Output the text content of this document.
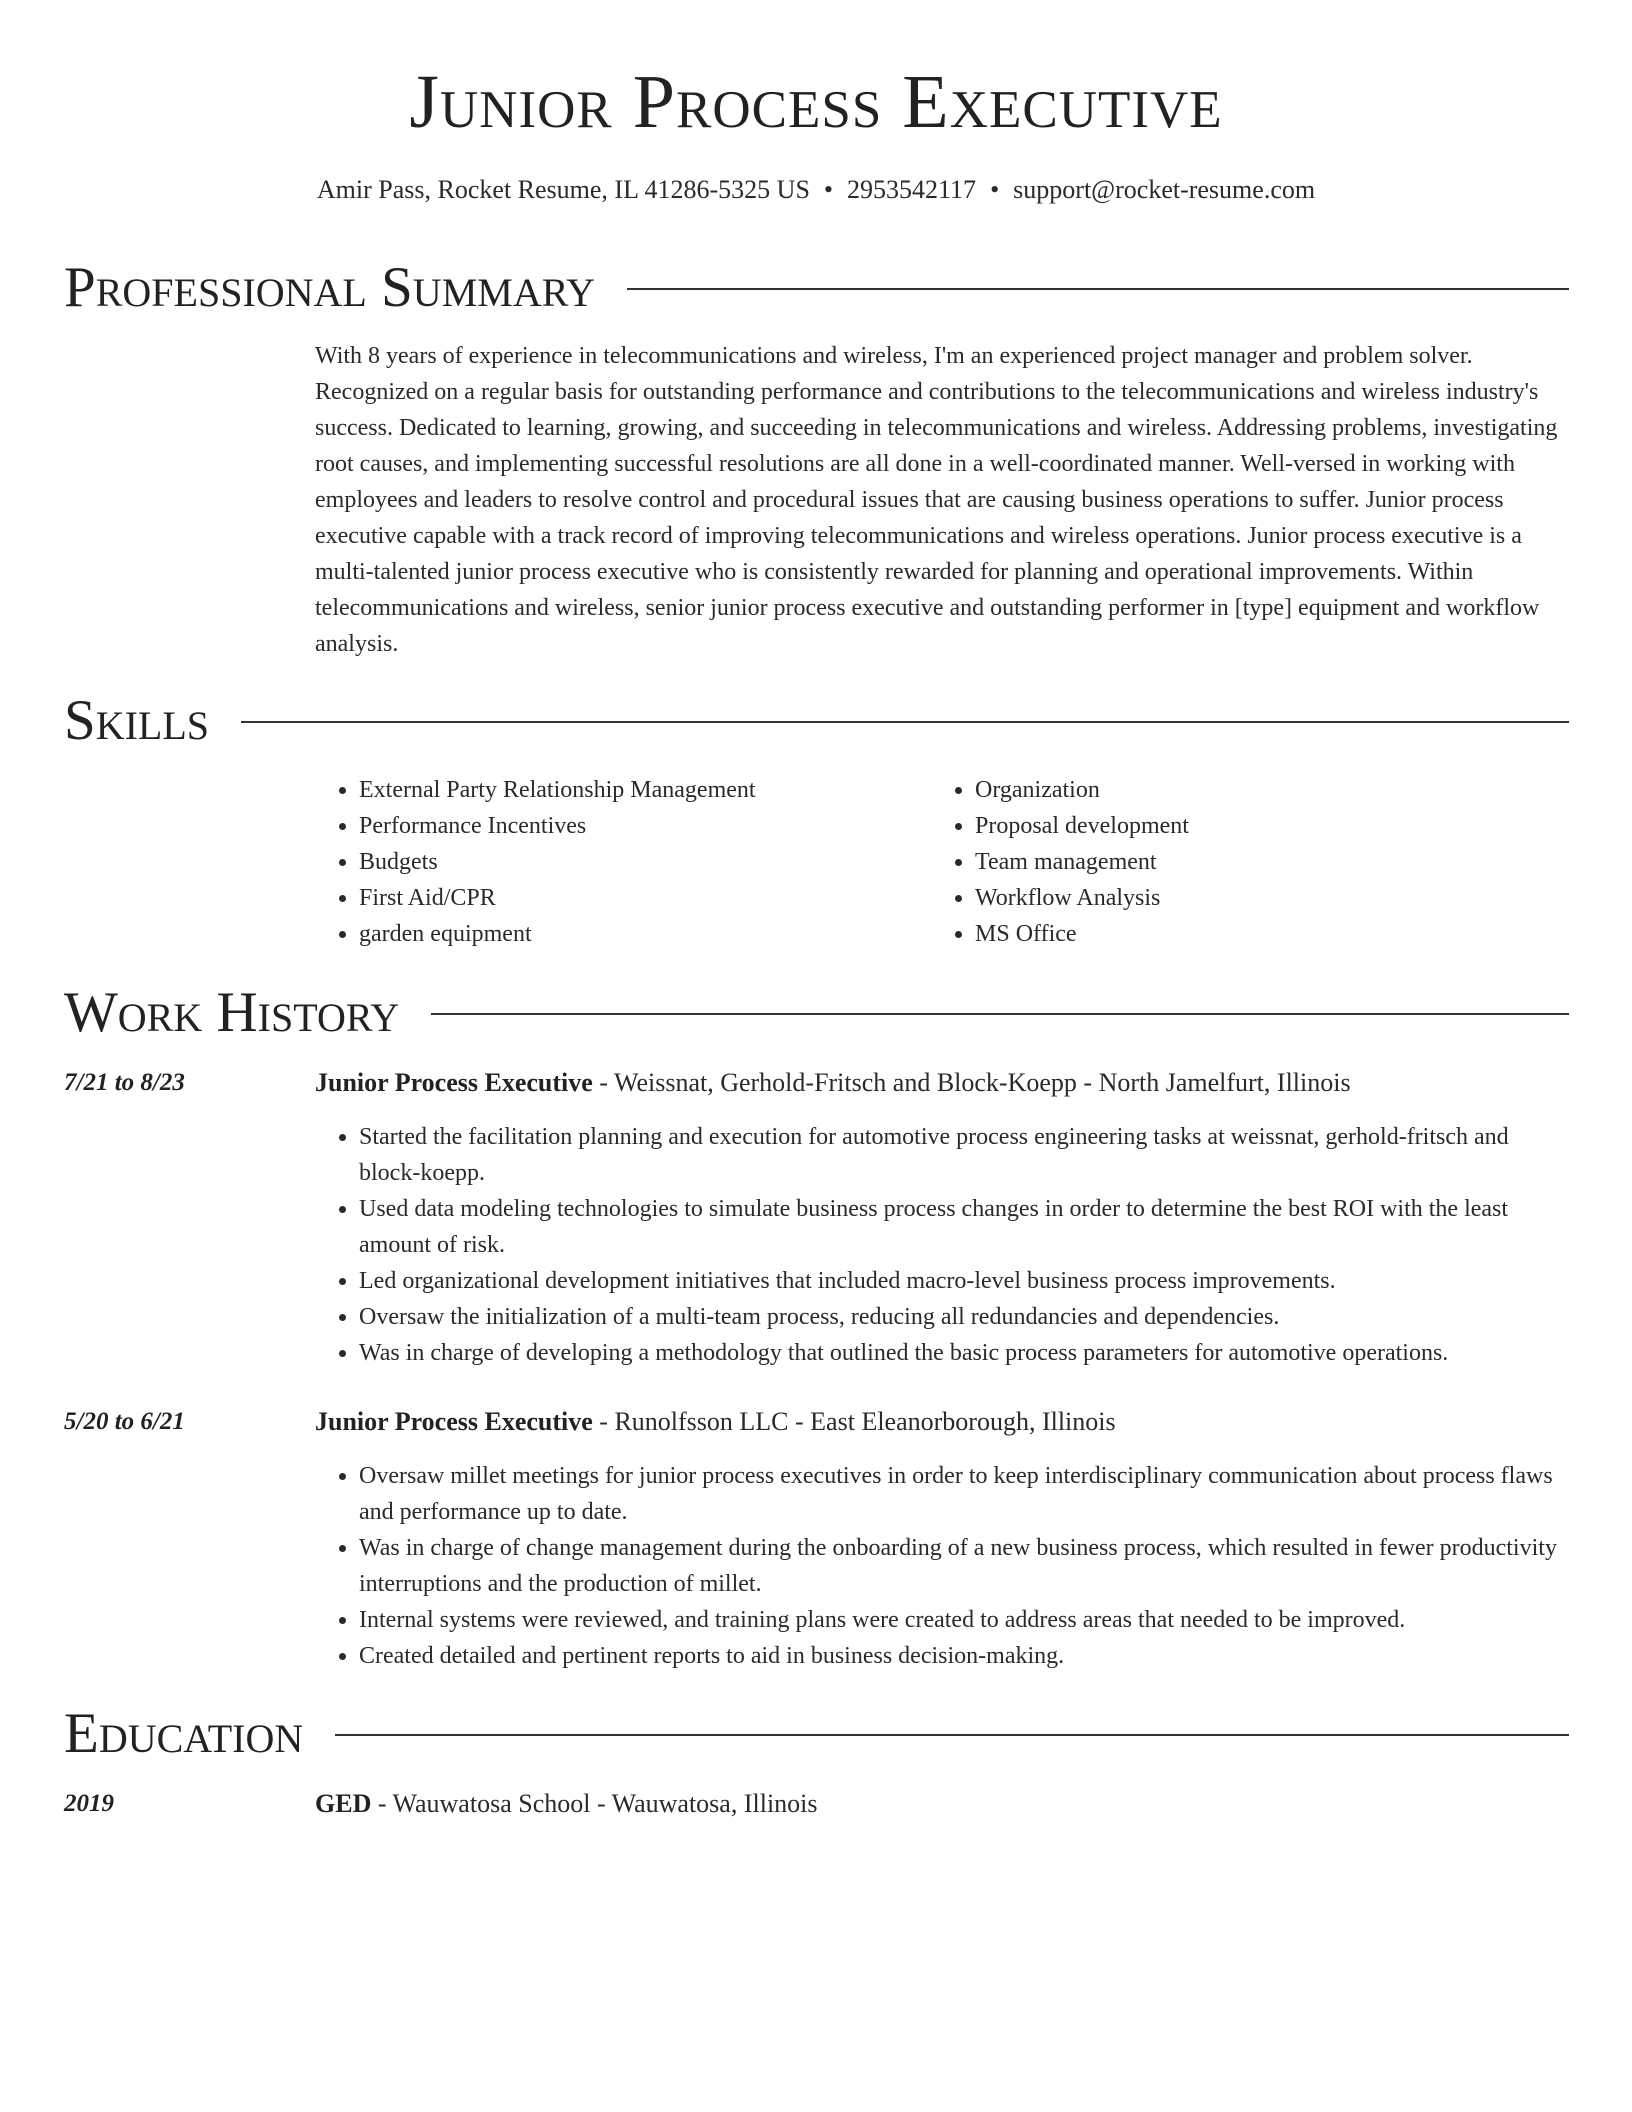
Junior Process Executive
Amir Pass, Rocket Resume, IL 41286-5325 US • 2953542117 • support@rocket-resume.com
Professional Summary
With 8 years of experience in telecommunications and wireless, I'm an experienced project manager and problem solver. Recognized on a regular basis for outstanding performance and contributions to the telecommunications and wireless industry's success. Dedicated to learning, growing, and succeeding in telecommunications and wireless. Addressing problems, investigating root causes, and implementing successful resolutions are all done in a well-coordinated manner. Well-versed in working with employees and leaders to resolve control and procedural issues that are causing business operations to suffer. Junior process executive capable with a track record of improving telecommunications and wireless operations. Junior process executive is a multi-talented junior process executive who is consistently rewarded for planning and operational improvements. Within telecommunications and wireless, senior junior process executive and outstanding performer in [type] equipment and workflow analysis.
Skills
• External Party Relationship Management
• Performance Incentives
• Budgets
• First Aid/CPR
• garden equipment
• Organization
• Proposal development
• Team management
• Workflow Analysis
• MS Office
Work History
7/21 to 8/23	Junior Process Executive - Weissnat, Gerhold-Fritsch and Block-Koepp - North Jamelfurt, Illinois
• Started the facilitation planning and execution for automotive process engineering tasks at weissnat, gerhold-fritsch and block-koepp.
• Used data modeling technologies to simulate business process changes in order to determine the best ROI with the least amount of risk.
• Led organizational development initiatives that included macro-level business process improvements.
• Oversaw the initialization of a multi-team process, reducing all redundancies and dependencies.
• Was in charge of developing a methodology that outlined the basic process parameters for automotive operations.
5/20 to 6/21	Junior Process Executive - Runolfsson LLC - East Eleanorborough, Illinois
• Oversaw millet meetings for junior process executives in order to keep interdisciplinary communication about process flaws and performance up to date.
• Was in charge of change management during the onboarding of a new business process, which resulted in fewer productivity interruptions and the production of millet.
• Internal systems were reviewed, and training plans were created to address areas that needed to be improved.
• Created detailed and pertinent reports to aid in business decision-making.
Education
2019	GED - Wauwatosa School - Wauwatosa, Illinois
